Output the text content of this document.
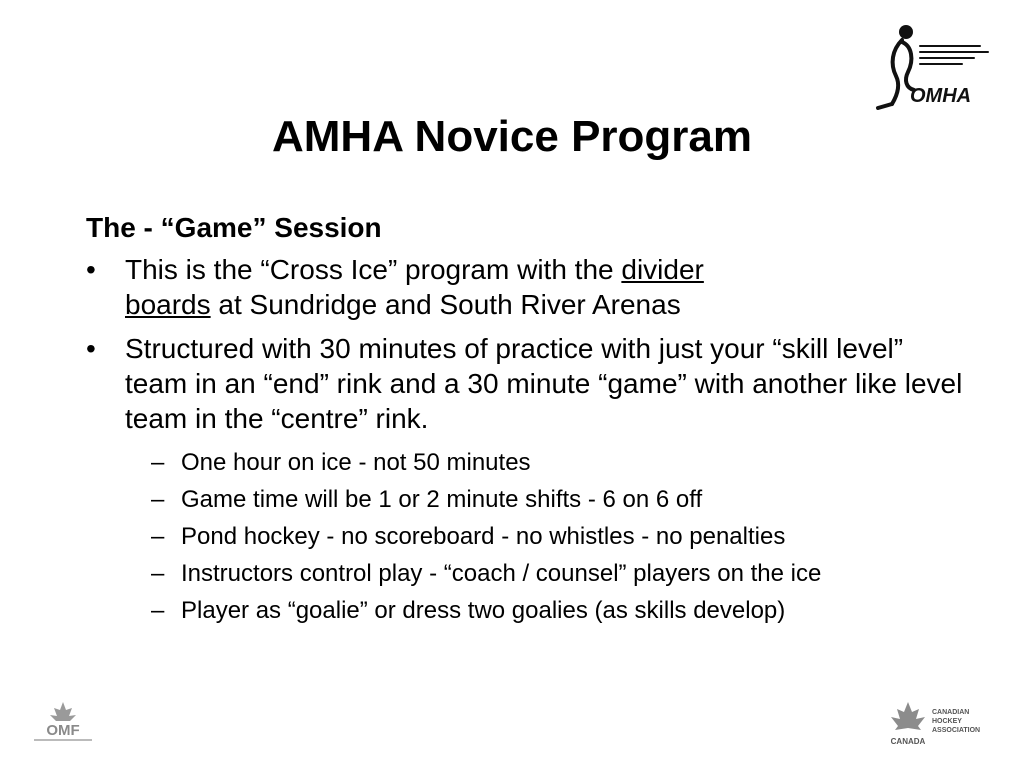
OMHA
AMHA Novice Program
The - “Game” Session
• This is the “Cross Ice” program with the divider
boards at Sundridge and South River Arenas
• Structured with 30 minutes of practice with just your “skill level” team in an “end” rink and a 30 minute “game” with another like level team in the “centre” rink.
– One hour on ice - not 50 minutes
– Game time will be 1 or 2 minute shifts - 6 on 6 off
– Pond hockey - no scoreboard - no whistles - no penalties
– Instructors control play - “coach / counsel” players on the ice
– Player as “goalie” or dress two goalies (as skills develop)
OMF
CANADIAN
HOCKEY
ASSOCIATION
CANADA
